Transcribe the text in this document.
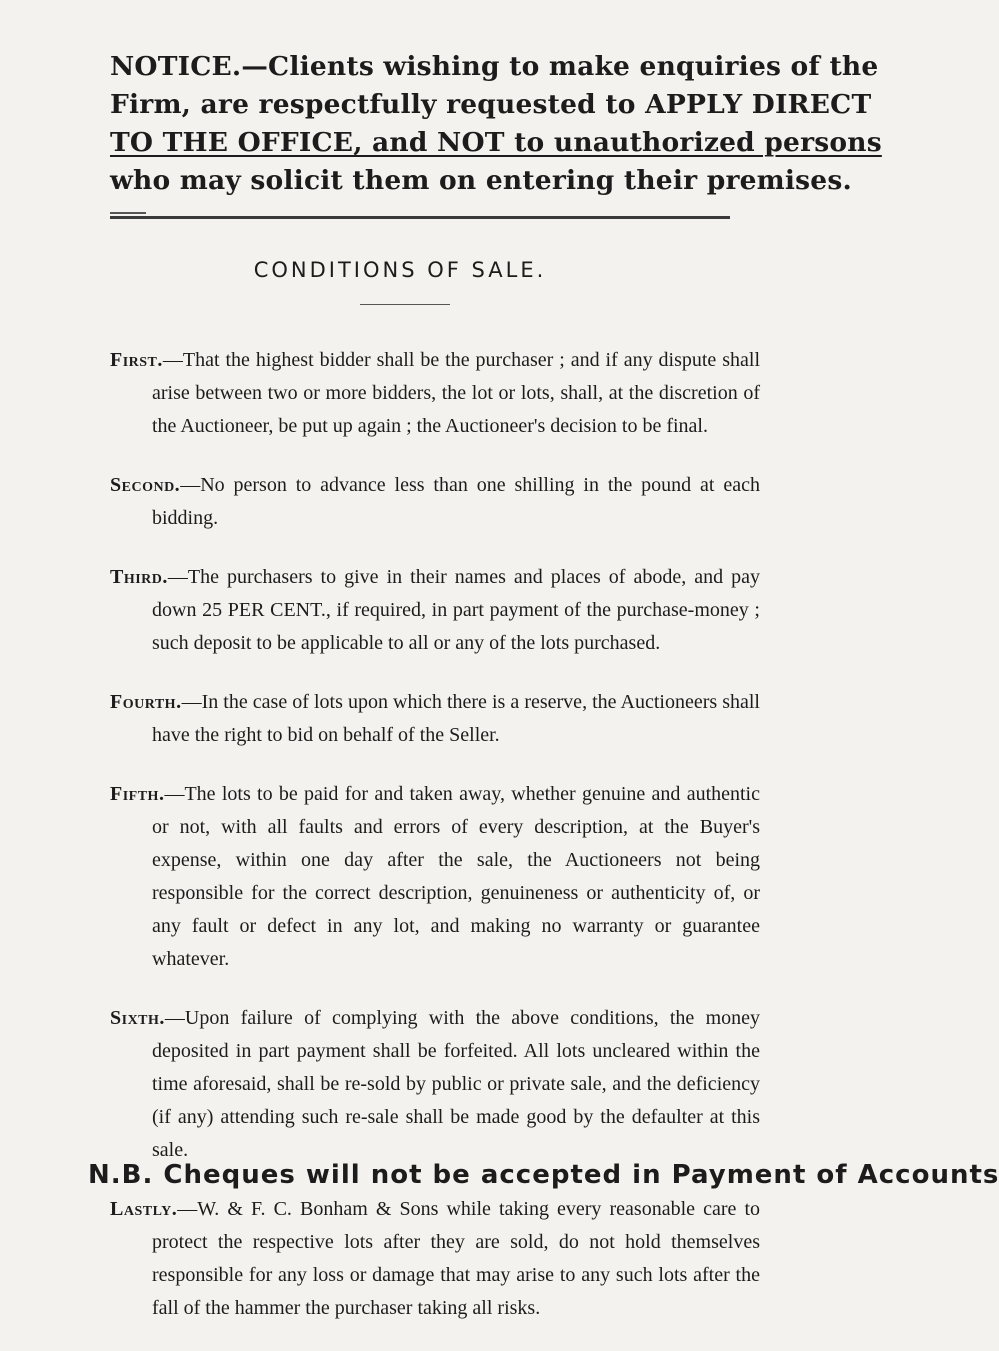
NOTICE.—Clients wishing to make enquiries of the
Firm, are respectfully requested to APPLY DIRECT
TO THE OFFICE, and NOT to unauthorized persons
who may solicit them on entering their premises.
CONDITIONS OF SALE.

First.—That the highest bidder shall be the purchaser ; and if any dispute shall arise between two or more bidders, the lot or lots, shall, at the discretion of the Auctioneer, be put up again ; the Auctioneer's decision to be final.

Second.—No person to advance less than one shilling in the pound at each bidding.

Third.—The purchasers to give in their names and places of abode, and pay down 25 PER CENT., if required, in part payment of the purchase-money ; such deposit to be applicable to all or any of the lots purchased.

Fourth.—In the case of lots upon which there is a reserve, the Auctioneers shall have the right to bid on behalf of the Seller.

Fifth.—The lots to be paid for and taken away, whether genuine and authentic or not, with all faults and errors of every description, at the Buyer's expense, within one day after the sale, the Auctioneers not being responsible for the correct description, genuineness or authenticity of, or any fault or defect in any lot, and making no warranty or guarantee whatever.

Sixth.—Upon failure of complying with the above conditions, the money deposited in part payment shall be forfeited. All lots uncleared within the time aforesaid, shall be re-sold by public or private sale, and the deficiency (if any) attending such re-sale shall be made good by the defaulter at this sale.

Lastly.—W. & F. C. Bonham & Sons while taking every reasonable care to protect the respective lots after they are sold, do not hold themselves responsible for any loss or damage that may arise to any such lots after the fall of the hammer the purchaser taking all risks.

N.B. Cheques will not be accepted in Payment of Accounts
